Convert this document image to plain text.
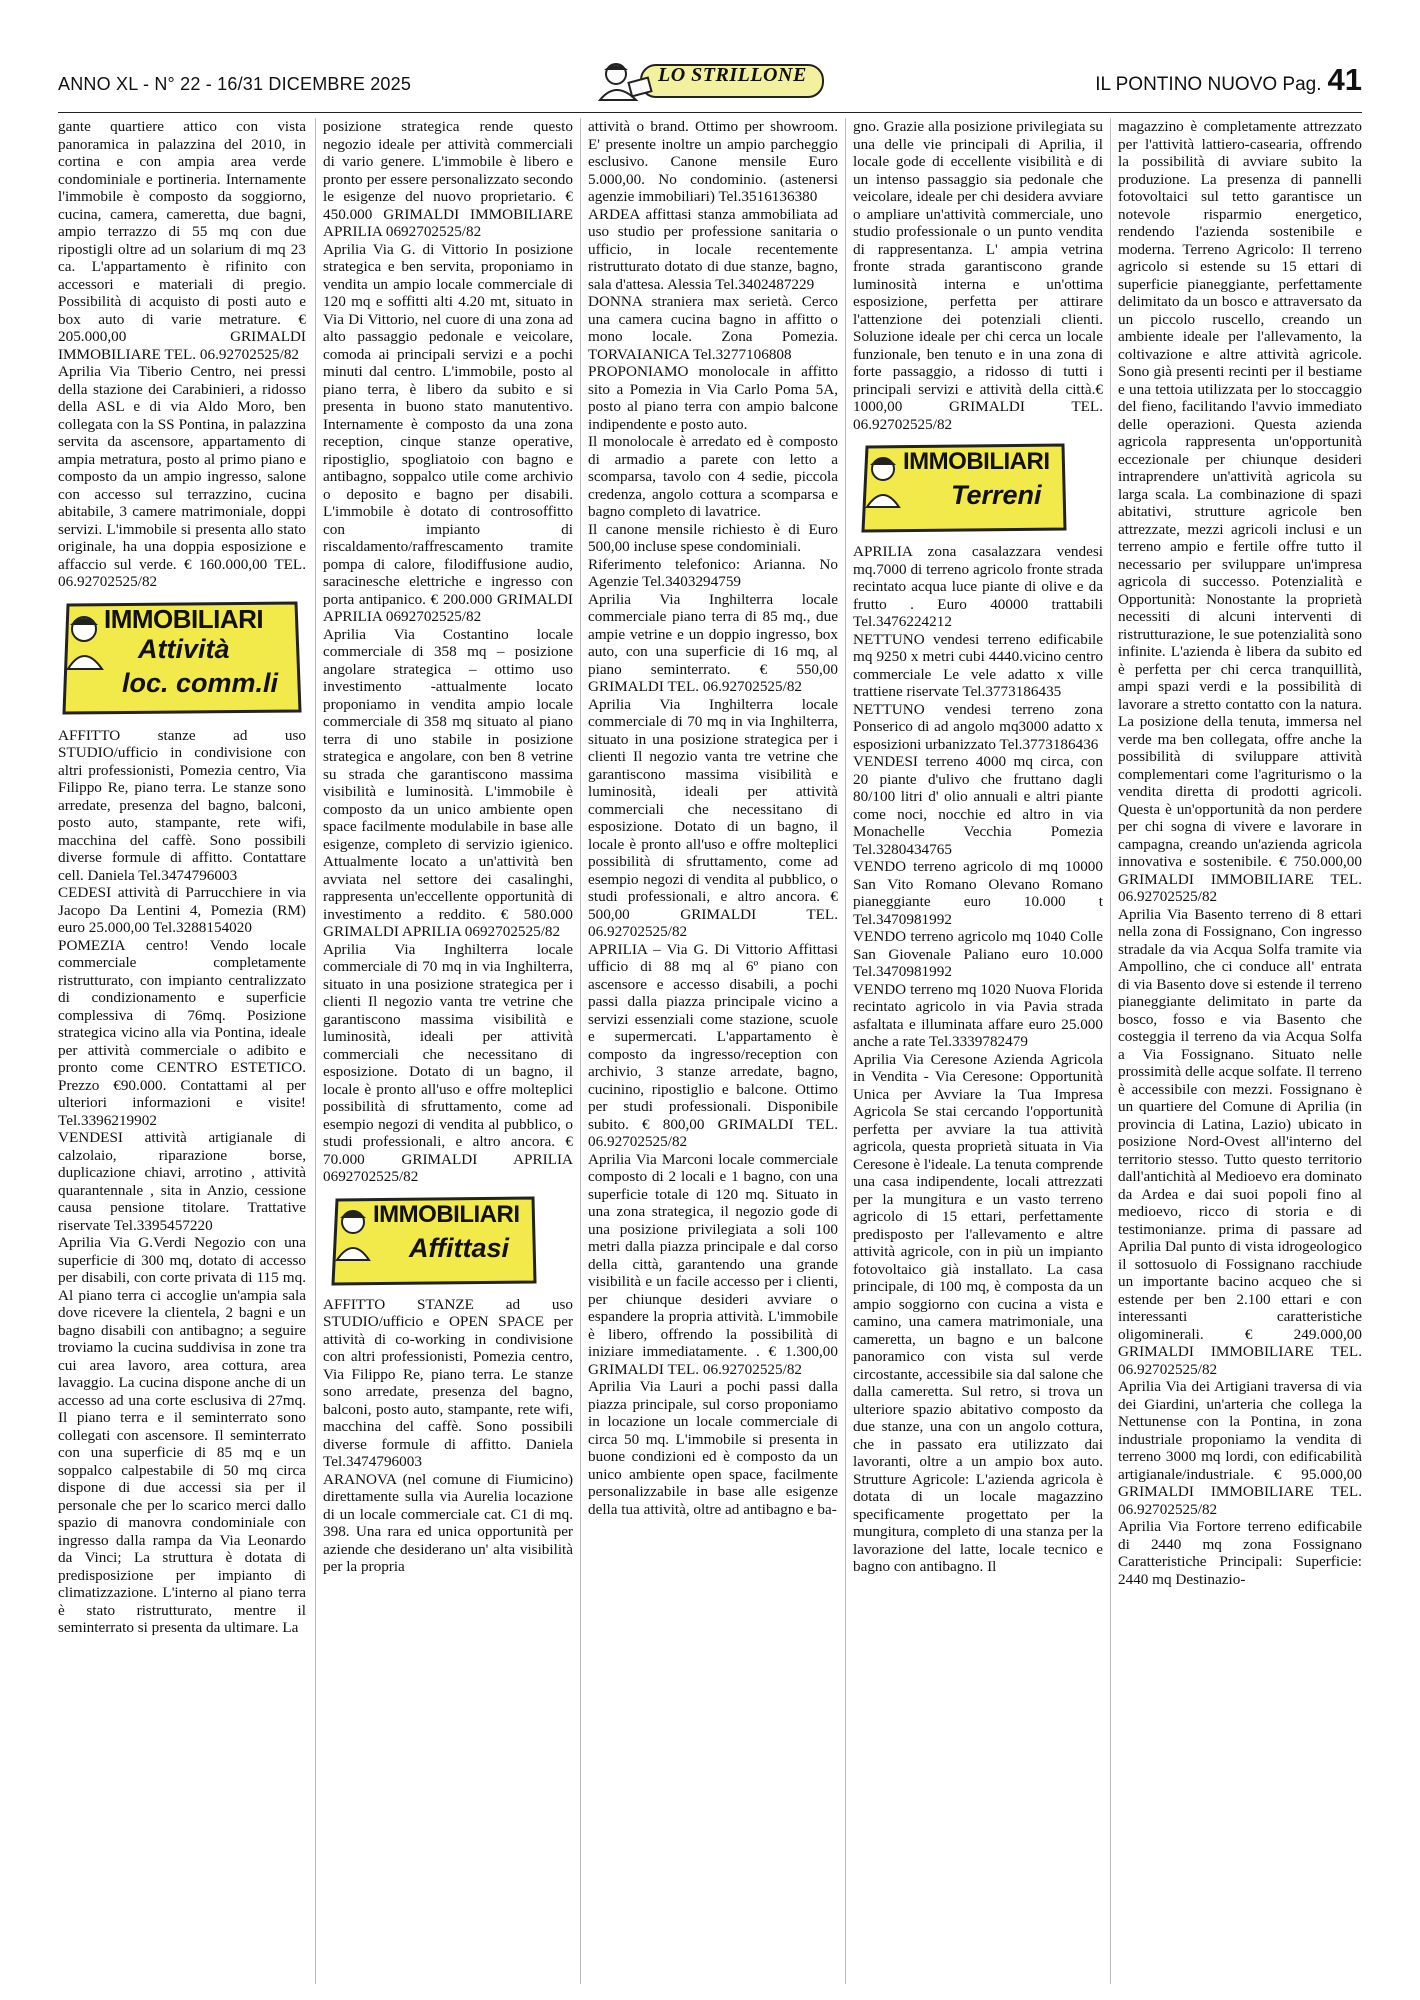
ANNO XL - N° 22 - 16/31 DICEMBRE 2025	LO STRILLONE	IL PONTINO NUOVO Pag. 41

gante quartiere attico con vista panoramica in palazzina del 2010, in cortina e con ampia area verde condominiale e portineria. Internamente l'immobile è composto da soggiorno, cucina, camera, cameretta, due bagni, ampio terrazzo di 55 mq con due ripostigli oltre ad un solarium di mq 23 ca. L'appartamento è rifinito con accessori e materiali di pregio. Possibilità di acquisto di posti auto e box auto di varie metrature. € 205.000,00 GRIMALDI IMMOBILIARE TEL. 06.92702525/82

Aprilia Via Tiberio Centro, nei pressi della stazione dei Carabinieri, a ridosso della ASL e di via Aldo Moro, ben collegata con la SS Pontina, in palazzina servita da ascensore, appartamento di ampia metratura, posto al primo piano e composto da un ampio ingresso, salone con accesso sul terrazzino, cucina abitabile, 3 camere matrimoniale, doppi servizi. L'immobile si presenta allo stato originale, ha una doppia esposizione e affaccio sul verde. € 160.000,00 TEL. 06.92702525/82

IMMOBILIARI
Attività
loc. comm.li

AFFITTO stanze ad uso STUDIO/ufficio in condivisione con altri professionisti, Pomezia centro, Via Filippo Re, piano terra. Le stanze sono arredate, presenza del bagno, balconi, posto auto, stampante, rete wifi, macchina del caffè. Sono possibili diverse formule di affitto. Contattare cell. Daniela Tel.3474796003

CEDESI attività di Parrucchiere in via Jacopo Da Lentini 4, Pomezia (RM) euro 25.000,00 Tel.3288154020

POMEZIA centro! Vendo locale commerciale completamente ristrutturato, con impianto centralizzato di condizionamento e superficie complessiva di 76mq. Posizione strategica vicino alla via Pontina, ideale per attività commerciale o adibito e pronto come CENTRO ESTETICO. Prezzo €90.000. Contattami al per ulteriori informazioni e visite! Tel.3396219902

VENDESI attività artigianale di calzolaio, riparazione borse, duplicazione chiavi, arrotino , attività quarantennale , sita in Anzio, cessione causa pensione titolare. Trattative riservate Tel.3395457220

Aprilia Via G.Verdi Negozio con una superficie di 300 mq, dotato di accesso per disabili, con corte privata di 115 mq. Al piano terra ci accoglie un'ampia sala dove ricevere la clientela, 2 bagni e un bagno disabili con antibagno; a seguire troviamo la cucina suddivisa in zone tra cui area lavoro, area cottura, area lavaggio. La cucina dispone anche di un accesso ad una corte esclusiva di 27mq. Il piano terra e il seminterrato sono collegati con ascensore. Il seminterrato con una superficie di 85 mq e un soppalco calpestabile di 50 mq circa dispone di due accessi sia per il personale che per lo scarico merci dallo spazio di manovra condominiale con ingresso dalla rampa da Via Leonardo da Vinci; La struttura è dotata di predisposizione per impianto di climatizzazione. L'interno al piano terra è stato ristrutturato, mentre il seminterrato si presenta da ultimare. La

posizione strategica rende questo negozio ideale per attività commerciali di vario genere. L'immobile è libero e pronto per essere personalizzato secondo le esigenze del nuovo proprietario. € 450.000 GRIMALDI IMMOBILIARE APRILIA 0692702525/82

Aprilia Via G. di Vittorio In posizione strategica e ben servita, proponiamo in vendita un ampio locale commerciale di 120 mq e soffitti alti 4.20 mt, situato in Via Di Vittorio, nel cuore di una zona ad alto passaggio pedonale e veicolare, comoda ai principali servizi e a pochi minuti dal centro. L'immobile, posto al piano terra, è libero da subito e si presenta in buono stato manutentivo. Internamente è composto da una zona reception, cinque stanze operative, ripostiglio, spogliatoio con bagno e antibagno, soppalco utile come archivio o deposito e bagno per disabili. L'immobile è dotato di controsoffitto con impianto di riscaldamento/raffrescamento tramite pompa di calore, filodiffusione audio, saracinesche elettriche e ingresso con porta antipanico. € 200.000 GRIMALDI APRILIA 0692702525/82

Aprilia Via Costantino locale commerciale di 358 mq – posizione angolare strategica – ottimo uso investimento -attualmente locato proponiamo in vendita ampio locale commerciale di 358 mq situato al piano terra di uno stabile in posizione strategica e angolare, con ben 8 vetrine su strada che garantiscono massima visibilità e luminosità. L'immobile è composto da un unico ambiente open space facilmente modulabile in base alle esigenze, completo di servizio igienico. Attualmente locato a un'attività ben avviata nel settore dei casalinghi, rappresenta un'eccellente opportunità di investimento a reddito. € 580.000 GRIMALDI APRILIA 0692702525/82

Aprilia Via Inghilterra locale commerciale di 70 mq in via Inghilterra, situato in una posizione strategica per i clienti Il negozio vanta tre vetrine che garantiscono massima visibilità e luminosità, ideali per attività commerciali che necessitano di esposizione. Dotato di un bagno, il locale è pronto all'uso e offre molteplici possibilità di sfruttamento, come ad esempio negozi di vendita al pubblico, o studi professionali, e altro ancora. € 70.000 GRIMALDI APRILIA 0692702525/82

IMMOBILIARI
Affittasi

AFFITTO STANZE ad uso STUDIO/ufficio e OPEN SPACE per attività di co-working in condivisione con altri professionisti, Pomezia centro, Via Filippo Re, piano terra. Le stanze sono arredate, presenza del bagno, balconi, posto auto, stampante, rete wifi, macchina del caffè. Sono possibili diverse formule di affitto. Daniela Tel.3474796003

ARANOVA (nel comune di Fiumicino) direttamente sulla via Aurelia locazione di un locale commerciale cat. C1 di mq. 398. Una rara ed unica opportunità per aziende che desiderano un' alta visibilità per la propria

attività o brand. Ottimo per showroom. E' presente inoltre un ampio parcheggio esclusivo. Canone mensile Euro 5.000,00. No condominio. (astenersi agenzie immobiliari) Tel.3516136380

ARDEA affittasi stanza ammobiliata ad uso studio per professione sanitaria o ufficio, in locale recentemente ristrutturato dotato di due stanze, bagno, sala d'attesa. Alessia Tel.3402487229

DONNA straniera max serietà. Cerco una camera cucina bagno in affitto o mono locale. Zona Pomezia. TORVAIANICA Tel.3277106808

PROPONIAMO monolocale in affitto sito a Pomezia in Via Carlo Poma 5A, posto al piano terra con ampio balcone indipendente e posto auto.

Il monolocale è arredato ed è composto di armadio a parete con letto a scomparsa, tavolo con 4 sedie, piccola credenza, angolo cottura a scomparsa e bagno completo di lavatrice.

Il canone mensile richiesto è di Euro 500,00 incluse spese condominiali.

Riferimento telefonico: Arianna. No Agenzie Tel.3403294759

Aprilia Via Inghilterra locale commerciale piano terra di 85 mq., due ampie vetrine e un doppio ingresso, box auto, con una superficie di 16 mq, al piano seminterrato. € 550,00 GRIMALDI TEL. 06.92702525/82

Aprilia Via Inghilterra locale commerciale di 70 mq in via Inghilterra, situato in una posizione strategica per i clienti Il negozio vanta tre vetrine che garantiscono massima visibilità e luminosità, ideali per attività commerciali che necessitano di esposizione. Dotato di un bagno, il locale è pronto all'uso e offre molteplici possibilità di sfruttamento, come ad esempio negozi di vendita al pubblico, o studi professionali, e altro ancora. € 500,00 GRIMALDI TEL. 06.92702525/82

APRILIA – Via G. Di Vittorio Affittasi ufficio di 88 mq al 6º piano con ascensore e accesso disabili, a pochi passi dalla piazza principale vicino a servizi essenziali come stazione, scuole e supermercati. L'appartamento è composto da ingresso/reception con archivio, 3 stanze arredate, bagno, cucinino, ripostiglio e balcone. Ottimo per studi professionali. Disponibile subito. € 800,00 GRIMALDI TEL. 06.92702525/82

Aprilia Via Marconi locale commerciale composto di 2 locali e 1 bagno, con una superficie totale di 120 mq. Situato in una zona strategica, il negozio gode di una posizione privilegiata a soli 100 metri dalla piazza principale e dal corso della città, garantendo una grande visibilità e un facile accesso per i clienti, per chiunque desideri avviare o espandere la propria attività. L'immobile è libero, offrendo la possibilità di iniziare immediatamente. . € 1.300,00 GRIMALDI TEL. 06.92702525/82

Aprilia Via Lauri a pochi passi dalla piazza principale, sul corso proponiamo in locazione un locale commerciale di circa 50 mq. L'immobile si presenta in buone condizioni ed è composto da un unico ambiente open space, facilmente personalizzabile in base alle esigenze della tua attività, oltre ad antibagno e ba-

gno. Grazie alla posizione privilegiata su una delle vie principali di Aprilia, il locale gode di eccellente visibilità e di un intenso passaggio sia pedonale che veicolare, ideale per chi desidera avviare o ampliare un'attività commerciale, uno studio professionale o un punto vendita di rappresentanza. L' ampia vetrina fronte strada garantiscono grande luminosità interna e un'ottima esposizione, perfetta per attirare l'attenzione dei potenziali clienti. Soluzione ideale per chi cerca un locale funzionale, ben tenuto e in una zona di forte passaggio, a ridosso di tutti i principali servizi e attività della città.€ 1000,00 GRIMALDI TEL. 06.92702525/82

IMMOBILIARI
Terreni

APRILIA zona casalazzara vendesi mq.7000 di terreno agricolo fronte strada recintato acqua luce piante di olive e da frutto . Euro 40000 trattabili Tel.3476224212

NETTUNO vendesi terreno edificabile mq 9250 x metri cubi 4440.vicino centro commerciale Le vele adatto x ville trattiene riservate Tel.3773186435

NETTUNO vendesi terreno zona Ponserico di ad angolo mq3000 adatto x esposizioni urbanizzato Tel.3773186436

VENDESI terreno 4000 mq circa, con 20 piante d'ulivo che fruttano dagli 80/100 litri d' olio annuali e altri piante come noci, nocchie ed altro in via Monachelle Vecchia Pomezia Tel.3280434765

VENDO terreno agricolo di mq 10000 San Vito Romano Olevano Romano pianeggiante euro 10.000 t Tel.3470981992

VENDO terreno agricolo mq 1040 Colle San Giovenale Paliano euro 10.000 Tel.3470981992

VENDO terreno mq 1020 Nuova Florida recintato agricolo in via Pavia strada asfaltata e illuminata affare euro 25.000 anche a rate Tel.3339782479

Aprilia Via Ceresone Azienda Agricola in Vendita - Via Ceresone: Opportunità Unica per Avviare la Tua Impresa Agricola Se stai cercando l'opportunità perfetta per avviare la tua attività agricola, questa proprietà situata in Via Ceresone è l'ideale. La tenuta comprende una casa indipendente, locali attrezzati per la mungitura e un vasto terreno agricolo di 15 ettari, perfettamente predisposto per l'allevamento e altre attività agricole, con in più un impianto fotovoltaico già installato. La casa principale, di 100 mq, è composta da un ampio soggiorno con cucina a vista e camino, una camera matrimoniale, una cameretta, un bagno e un balcone panoramico con vista sul verde circostante, accessibile sia dal salone che dalla cameretta. Sul retro, si trova un ulteriore spazio abitativo composto da due stanze, una con un angolo cottura, che in passato era utilizzato dai lavoranti, oltre a un ampio box auto. Strutture Agricole: L'azienda agricola è dotata di un locale magazzino specificamente progettato per la mungitura, completo di una stanza per la lavorazione del latte, locale tecnico e bagno con antibagno. Il

magazzino è completamente attrezzato per l'attività lattiero-casearia, offrendo la possibilità di avviare subito la produzione. La presenza di pannelli fotovoltaici sul tetto garantisce un notevole risparmio energetico, rendendo l'azienda sostenibile e moderna. Terreno Agricolo: Il terreno agricolo si estende su 15 ettari di superficie pianeggiante, perfettamente delimitato da un bosco e attraversato da un piccolo ruscello, creando un ambiente ideale per l'allevamento, la coltivazione e altre attività agricole. Sono già presenti recinti per il bestiame e una tettoia utilizzata per lo stoccaggio del fieno, facilitando l'avvio immediato delle operazioni. Questa azienda agricola rappresenta un'opportunità eccezionale per chiunque desideri intraprendere un'attività agricola su larga scala. La combinazione di spazi abitativi, strutture agricole ben attrezzate, mezzi agricoli inclusi e un terreno ampio e fertile offre tutto il necessario per sviluppare un'impresa agricola di successo. Potenzialità e Opportunità: Nonostante la proprietà necessiti di alcuni interventi di ristrutturazione, le sue potenzialità sono infinite. L'azienda è libera da subito ed è perfetta per chi cerca tranquillità, ampi spazi verdi e la possibilità di lavorare a stretto contatto con la natura. La posizione della tenuta, immersa nel verde ma ben collegata, offre anche la possibilità di sviluppare attività complementari come l'agriturismo o la vendita diretta di prodotti agricoli. Questa è un'opportunità da non perdere per chi sogna di vivere e lavorare in campagna, creando un'azienda agricola innovativa e sostenibile. € 750.000,00 GRIMALDI IMMOBILIARE TEL. 06.92702525/82

Aprilia Via Basento terreno di 8 ettari nella zona di Fossignano, Con ingresso stradale da via Acqua Solfa tramite via Ampollino, che ci conduce all' entrata di via Basento dove si estende il terreno pianeggiante delimitato in parte da bosco, fosso e via Basento che costeggia il terreno da via Acqua Solfa a Via Fossignano. Situato nelle prossimità delle acque solfate. Il terreno è accessibile con mezzi. Fossignano è un quartiere del Comune di Aprilia (in provincia di Latina, Lazio) ubicato in posizione Nord-Ovest all'interno del territorio stesso. Tutto questo territorio dall'antichità al Medioevo era dominato da Ardea e dai suoi popoli fino al medioevo, ricco di storia e di testimonianze. prima di passare ad Aprilia Dal punto di vista idrogeologico il sottosuolo di Fossignano racchiude un importante bacino acqueo che si estende per ben 2.100 ettari e con interessanti caratteristiche oligominerali. € 249.000,00 GRIMALDI IMMOBILIARE TEL. 06.92702525/82

Aprilia Via dei Artigiani traversa di via dei Giardini, un'arteria che collega la Nettunense con la Pontina, in zona industriale proponiamo la vendita di terreno 3000 mq lordi, con edificabilità artigianale/industriale. € 95.000,00 GRIMALDI IMMOBILIARE TEL. 06.92702525/82

Aprilia Via Fortore terreno edificabile di 2440 mq zona Fossignano Caratteristiche Principali: Superficie: 2440 mq Destinazio-
